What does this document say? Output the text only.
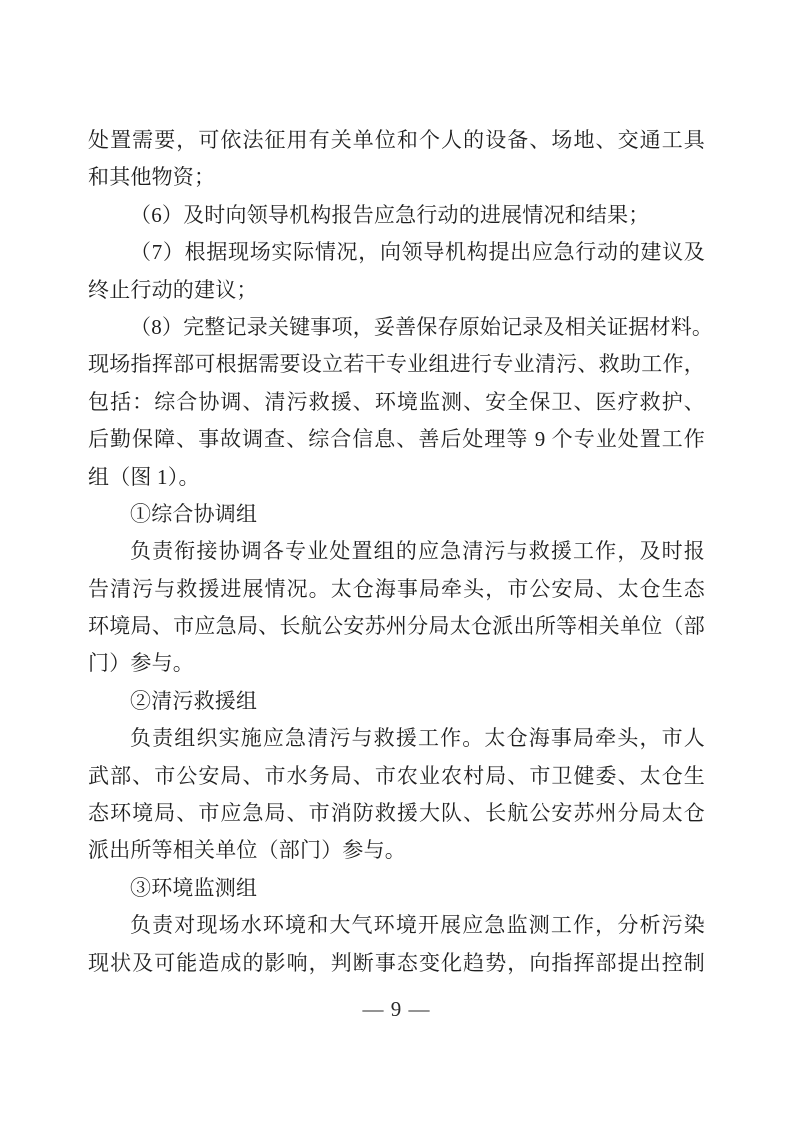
处置需要，可依法征用有关单位和个人的设备、场地、交通工具
和其他物资；
（6）及时向领导机构报告应急行动的进展情况和结果；
（7）根据现场实际情况，向领导机构提出应急行动的建议及
终止行动的建议；
（8）完整记录关键事项，妥善保存原始记录及相关证据材料。
现场指挥部可根据需要设立若干专业组进行专业清污、救助工作，
包括：综合协调、清污救援、环境监测、安全保卫、医疗救护、
后勤保障、事故调查、综合信息、善后处理等 9 个专业处置工作
组（图 1）。
①综合协调组
负责衔接协调各专业处置组的应急清污与救援工作，及时报
告清污与救援进展情况。太仓海事局牵头，市公安局、太仓生态
环境局、市应急局、长航公安苏州分局太仓派出所等相关单位（部
门）参与。
②清污救援组
负责组织实施应急清污与救援工作。太仓海事局牵头，市人
武部、市公安局、市水务局、市农业农村局、市卫健委、太仓生
态环境局、市应急局、市消防救援大队、长航公安苏州分局太仓
派出所等相关单位（部门）参与。
③环境监测组
负责对现场水环境和大气环境开展应急监测工作，分析污染
现状及可能造成的影响，判断事态变化趋势，向指挥部提出控制
— 9 —
